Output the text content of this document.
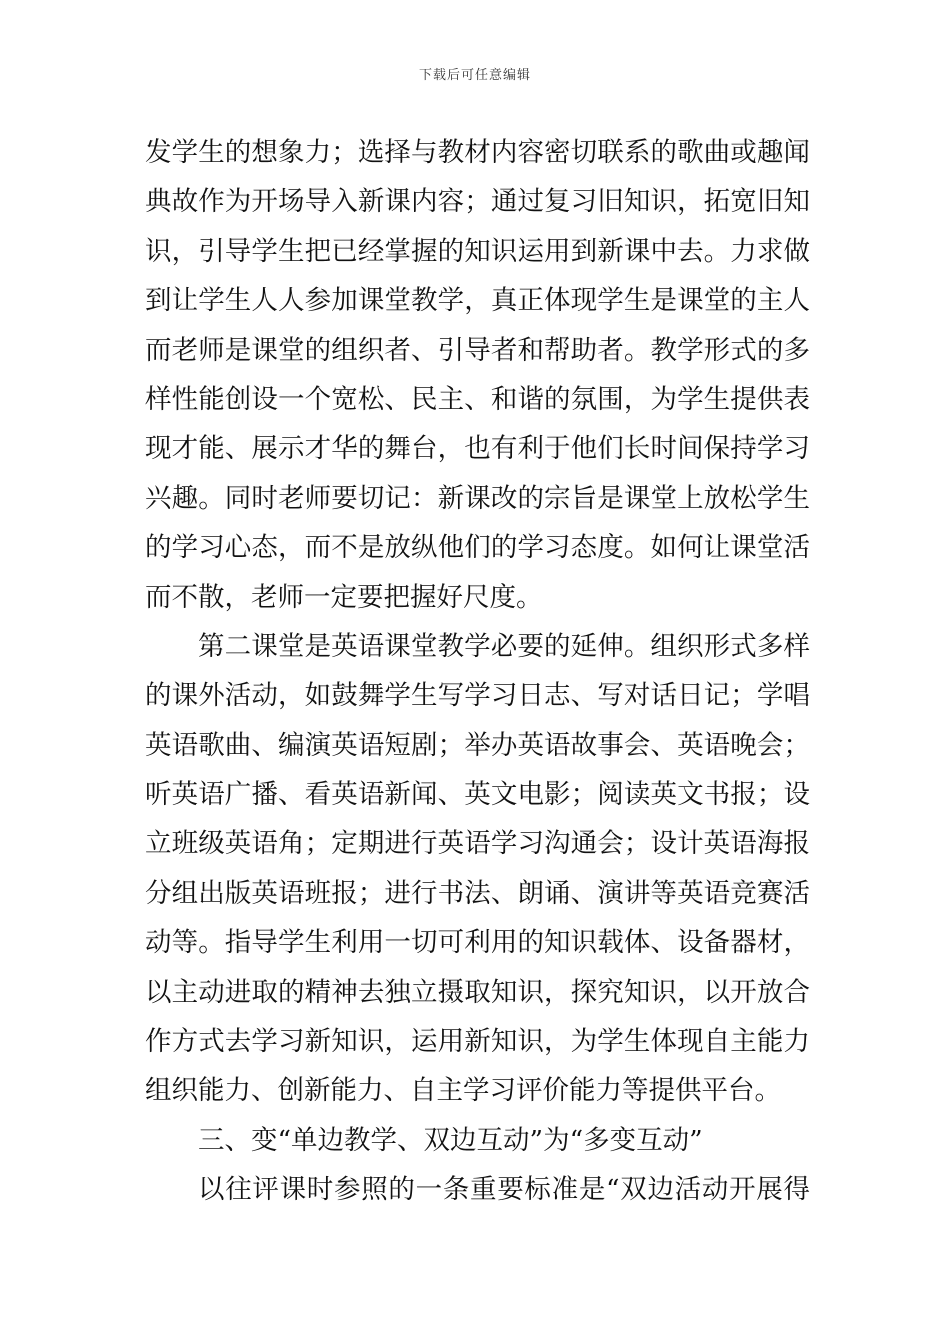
下载后可任意编辑
发学生的想象力；选择与教材内容密切联系的歌曲或趣闻
典故作为开场导入新课内容；通过复习旧知识，拓宽旧知
识，引导学生把已经掌握的知识运用到新课中去。力求做
到让学生人人参加课堂教学，真正体现学生是课堂的主人
而老师是课堂的组织者、引导者和帮助者。教学形式的多
样性能创设一个宽松、民主、和谐的氛围，为学生提供表
现才能、展示才华的舞台，也有利于他们长时间保持学习
兴趣。同时老师要切记：新课改的宗旨是课堂上放松学生
的学习心态，而不是放纵他们的学习态度。如何让课堂活
而不散，老师一定要把握好尺度。
第二课堂是英语课堂教学必要的延伸。组织形式多样
的课外活动，如鼓舞学生写学习日志、写对话日记；学唱
英语歌曲、编演英语短剧；举办英语故事会、英语晚会；
听英语广播、看英语新闻、英文电影；阅读英文书报；设
立班级英语角；定期进行英语学习沟通会；设计英语海报
分组出版英语班报；进行书法、朗诵、演讲等英语竞赛活
动等。指导学生利用一切可利用的知识载体、设备器材，
以主动进取的精神去独立摄取知识，探究知识，以开放合
作方式去学习新知识，运用新知识，为学生体现自主能力
组织能力、创新能力、自主学习评价能力等提供平台。
三、变“单边教学、双边互动”为“多变互动”
以往评课时参照的一条重要标准是“双边活动开展得
